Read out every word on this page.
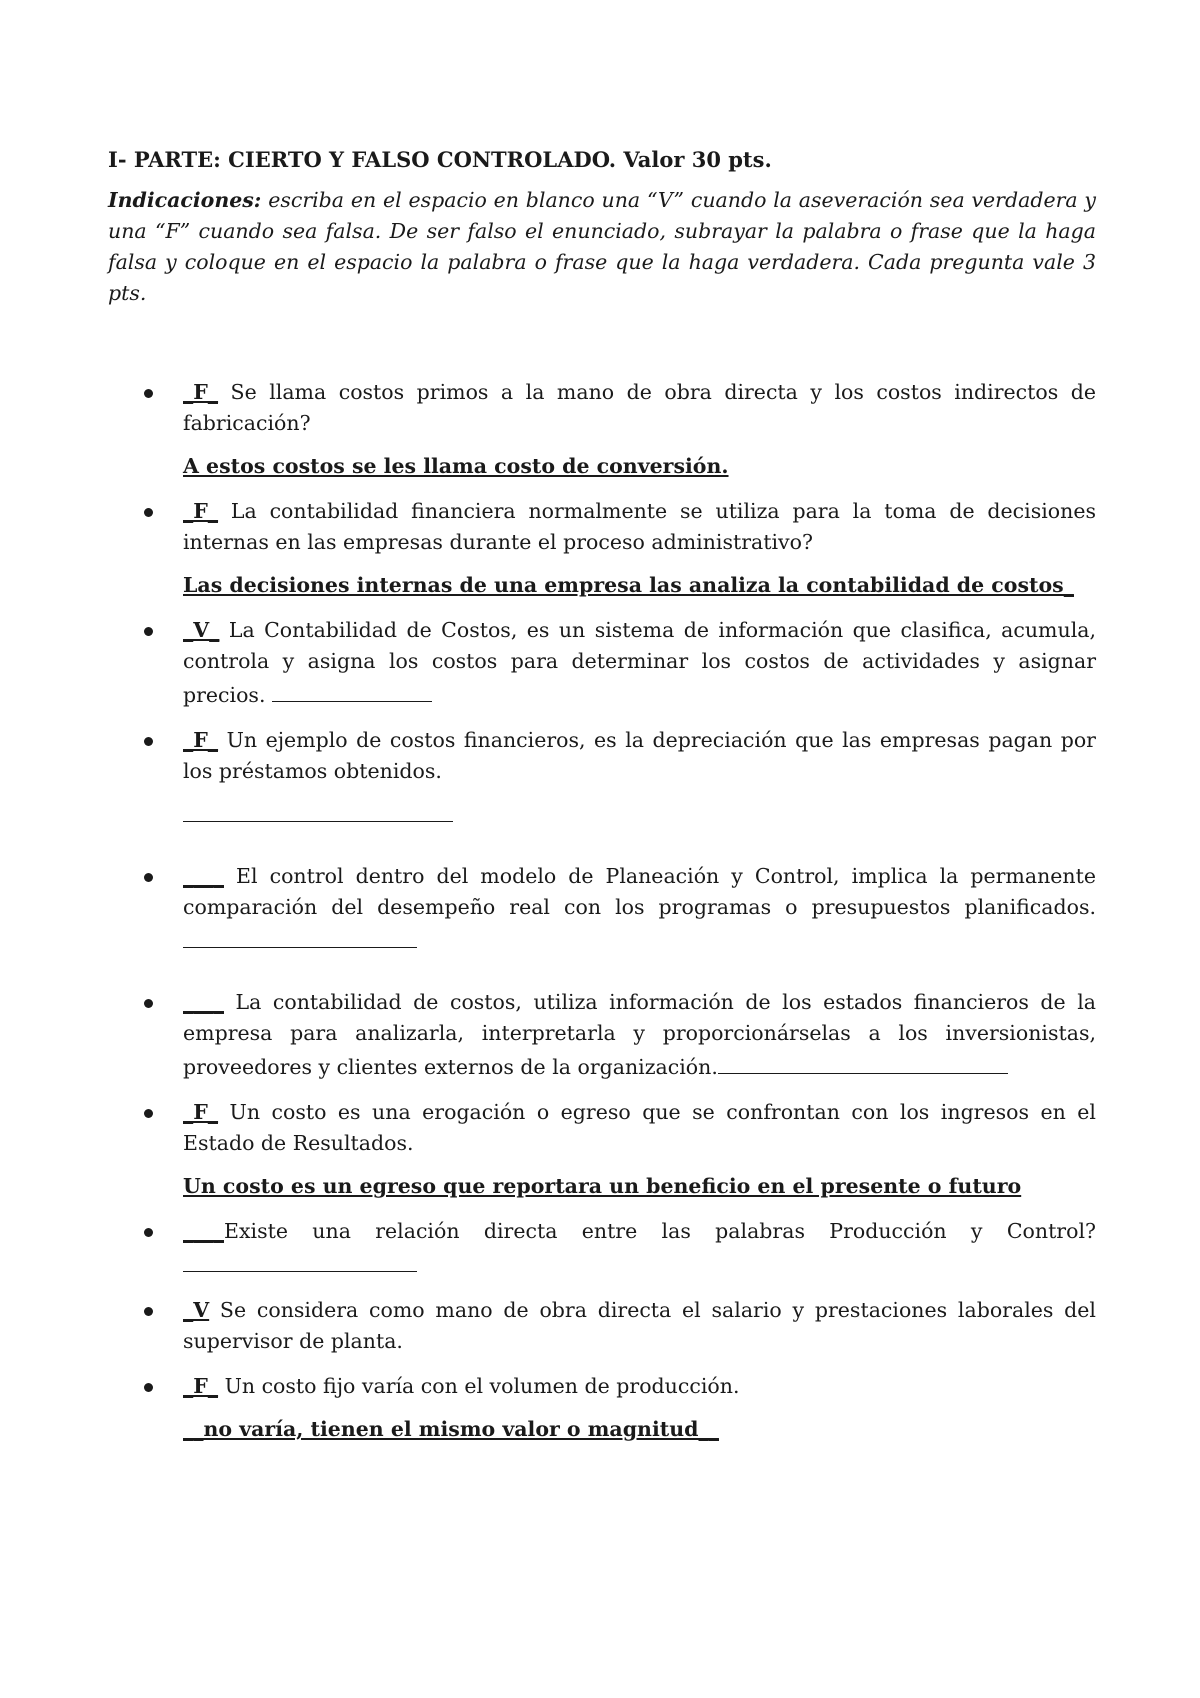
I- PARTE: CIERTO Y FALSO CONTROLADO. Valor 30 pts.

Indicaciones: escriba en el espacio en blanco una “V” cuando la aseveración sea verdadera y una “F” cuando sea falsa. De ser falso el enunciado, subrayar la palabra o frase que la haga falsa y coloque en el espacio la palabra o frase que la haga verdadera. Cada pregunta vale 3 pts.

_F_ Se llama costos primos a la mano de obra directa y los costos indirectos de fabricación?
A estos costos se les llama costo de conversión.
_F_ La contabilidad financiera normalmente se utiliza para la toma de decisiones internas en las empresas durante el proceso administrativo?
Las decisiones internas de una empresa las analiza la contabilidad de costos_
_V_ La Contabilidad de Costos, es un sistema de información que clasifica, acumula, controla y asigna los costos para determinar los costos de actividades y asignar precios.
_F_ Un ejemplo de costos financieros, es la depreciación que las empresas pagan por los préstamos obtenidos.
____ El control dentro del modelo de Planeación y Control, implica la permanente comparación del desempeño real con los programas o presupuestos planificados.
____ La contabilidad de costos, utiliza información de los estados financieros de la empresa para analizarla, interpretarla y proporcionárselas a los inversionistas, proveedores y clientes externos de la organización.
_F_ Un costo es una erogación o egreso que se confrontan con los ingresos en el Estado de Resultados.
Un costo es un egreso que reportara un beneficio en el presente o futuro
____Existe una relación directa entre las palabras Producción y Control?
_V Se considera como mano de obra directa el salario y prestaciones laborales del supervisor de planta.
_F_ Un costo fijo varía con el volumen de producción.
__no varía, tienen el mismo valor o magnitud__
